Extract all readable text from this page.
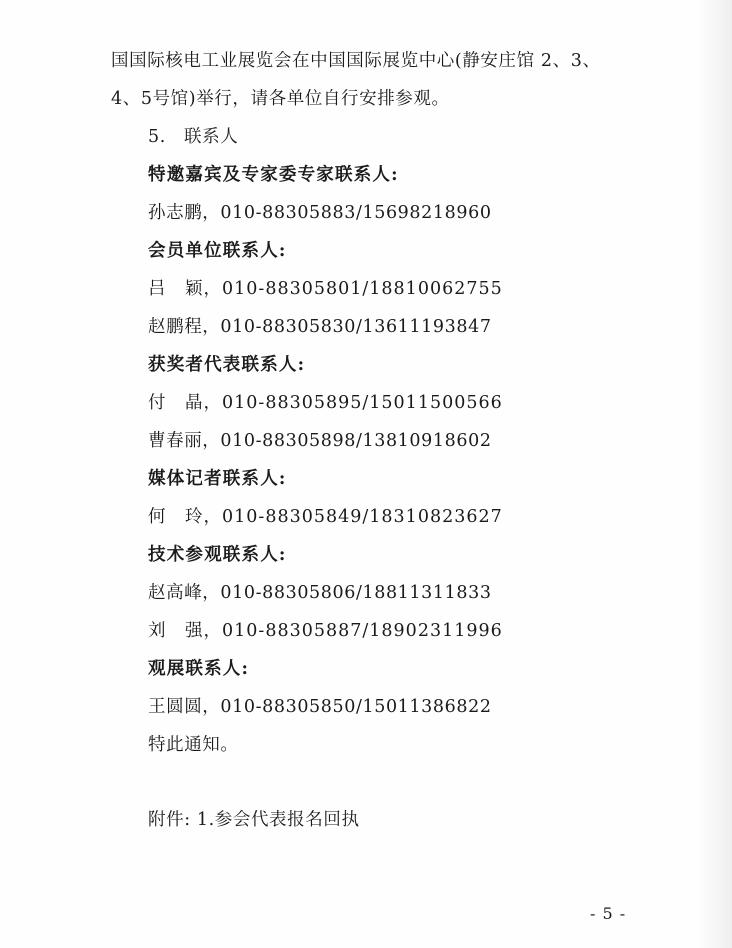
国国际核电工业展览会在中国国际展览中心(静安庄馆 2、3、
4、5号馆)举行，请各单位自行安排参观。
5.　联系人
特邀嘉宾及专家委专家联系人:
孙志鹏，010-88305883/15698218960
会员单位联系人:
吕　颖，010-88305801/18810062755
赵鹏程，010-88305830/13611193847
获奖者代表联系人:
付　晶，010-88305895/15011500566
曹春丽，010-88305898/13810918602
媒体记者联系人:
何　玲，010-88305849/18310823627
技术参观联系人:
赵高峰，010-88305806/18811311833
刘　强，010-88305887/18902311996
观展联系人:
王圆圆，010-88305850/15011386822
特此通知。
附件: 1.参会代表报名回执
- 5 -
